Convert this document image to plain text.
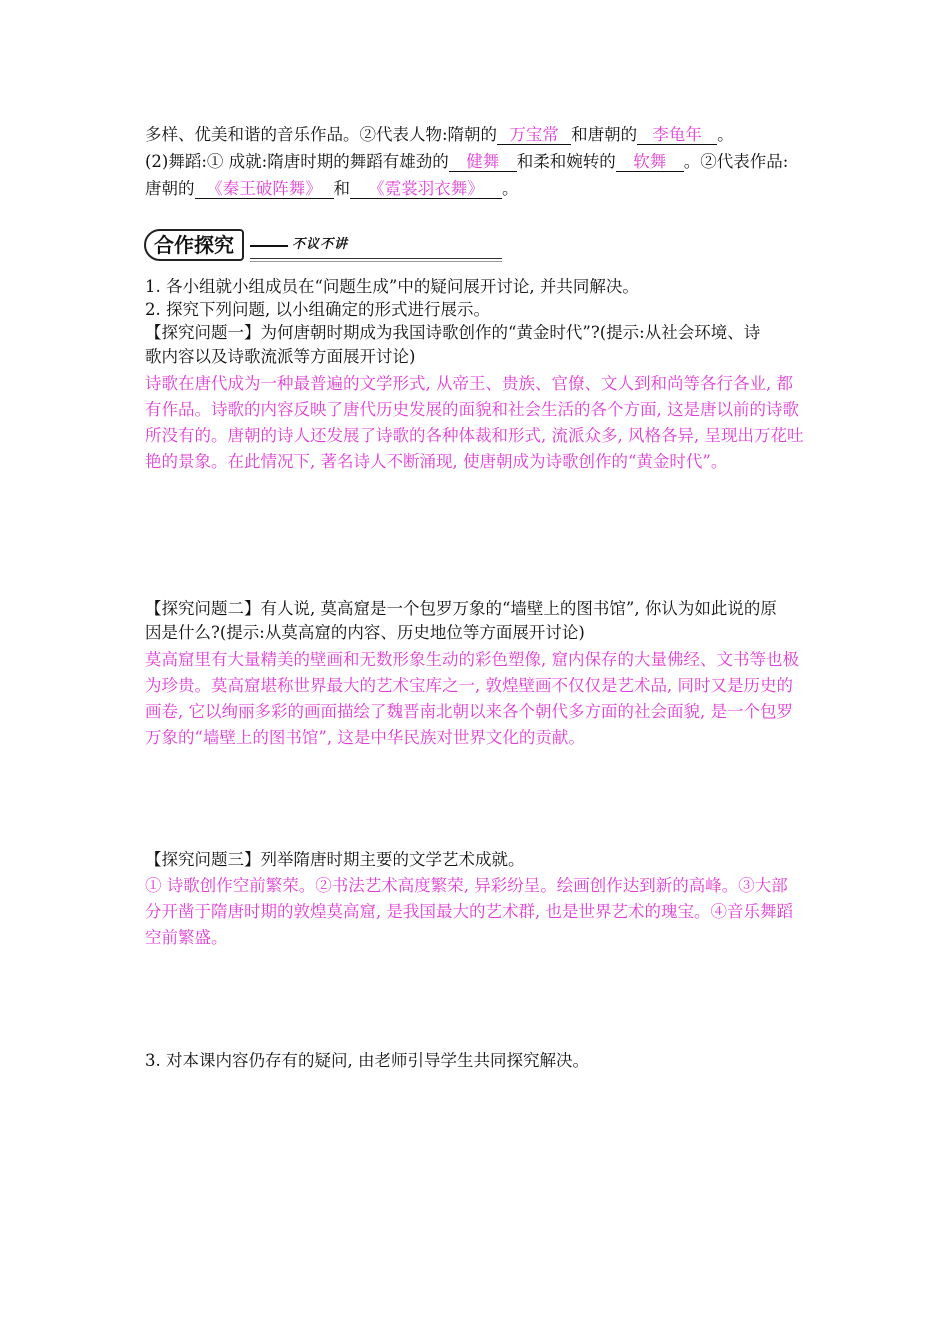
多样、优美和谐的音乐作品。②代表人物:隋朝的 万宝常 和唐朝的 李龟年 。
(2)舞蹈:① 成就:隋唐时期的舞蹈有雄劲的 健舞 和柔和婉转的 软舞 。②代表作品:
唐朝的 《秦王破阵舞》 和 《霓裳羽衣舞》 。
合作探究	不议不讲
1. 各小组就小组成员在“问题生成”中的疑问展开讨论, 并共同解决。
2. 探究下列问题, 以小组确定的形式进行展示。
【探究问题一】为何唐朝时期成为我国诗歌创作的“黄金时代”?(提示:从社会环境、诗
歌内容以及诗歌流派等方面展开讨论)
诗歌在唐代成为一种最普遍的文学形式, 从帝王、贵族、官僚、文人到和尚等各行各业, 都
有作品。诗歌的内容反映了唐代历史发展的面貌和社会生活的各个方面, 这是唐以前的诗歌
所没有的。唐朝的诗人还发展了诗歌的各种体裁和形式, 流派众多, 风格各异, 呈现出万花吐
艳的景象。在此情况下, 著名诗人不断涌现, 使唐朝成为诗歌创作的“黄金时代”。
【探究问题二】有人说, 莫高窟是一个包罗万象的“墙壁上的图书馆”, 你认为如此说的原
因是什么?(提示:从莫高窟的内容、历史地位等方面展开讨论)
莫高窟里有大量精美的壁画和无数形象生动的彩色塑像, 窟内保存的大量佛经、文书等也极
为珍贵。莫高窟堪称世界最大的艺术宝库之一, 敦煌壁画不仅仅是艺术品, 同时又是历史的
画卷, 它以绚丽多彩的画面描绘了魏晋南北朝以来各个朝代多方面的社会面貌, 是一个包罗
万象的“墙壁上的图书馆”, 这是中华民族对世界文化的贡献。
【探究问题三】列举隋唐时期主要的文学艺术成就。
① 诗歌创作空前繁荣。②书法艺术高度繁荣, 异彩纷呈。绘画创作达到新的高峰。③大部
分开凿于隋唐时期的敦煌莫高窟, 是我国最大的艺术群, 也是世界艺术的瑰宝。④音乐舞蹈
空前繁盛。
3. 对本课内容仍存有的疑问, 由老师引导学生共同探究解决。
